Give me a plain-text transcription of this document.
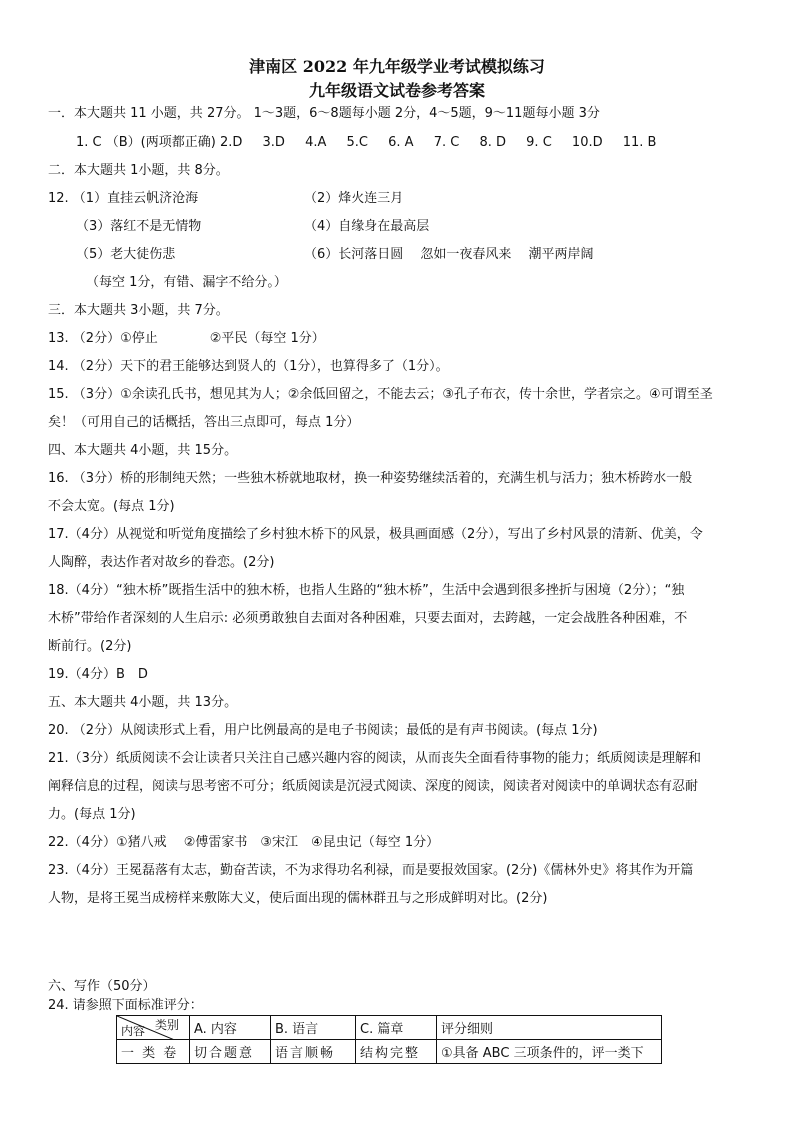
津南区 2022 年九年级学业考试模拟练习
九年级语文试卷参考答案
一．本大题共 11 小题，共 27分。 1～3题，6～8题每小题 2分，4～5题，9～11题每小题 3分
1. C （B）(两项都正确) 2.D 3.D 4.A 5.C 6. A 7. C 8. D 9. C 10.D 11. B
二．本大题共 1小题，共 8分。
12. （1）直挂云帆济沧海	（2）烽火连三月
（3）落红不是无情物	（4）自缘身在最高层
（5）老大徒伤悲	（6）长河落日圆　 忽如一夜春风来　 潮平两岸阔
（每空 1分，有错、漏字不给分。）
三．本大题共 3小题，共 7分。
13. （2分）①停止　　　　②平民（每空 1分）
14. （2分）天下的君王能够达到贤人的（1分），也算得多了（1分）。
15. （3分）①余读孔氏书，想见其为人；②余低回留之，不能去云；③孔子布衣，传十余世，学者宗之。④可谓至圣
矣！（可用自己的话概括，答出三点即可，每点 1分）
四、本大题共 4小题，共 15分。
16. （3分）桥的形制纯天然；一些独木桥就地取材，换一种姿势继续活着的，充满生机与活力；独木桥跨水一般
不会太宽。(每点 1分)
17.（4分）从视觉和听觉角度描绘了乡村独木桥下的风景，极具画面感（2分），写出了乡村风景的清新、优美，令
人陶醉，表达作者对故乡的眷恋。(2分)
18.（4分）“独木桥”既指生活中的独木桥，也指人生路的“独木桥”，生活中会遇到很多挫折与困境（2分）；“独
木桥”带给作者深刻的人生启示: 必须勇敢独自去面对各种困难，只要去面对，去跨越，一定会战胜各种困难，不
断前行。(2分)
19.（4分）B　D
五、本大题共 4小题，共 13分。
20. （2分）从阅读形式上看，用户比例最高的是电子书阅读；最低的是有声书阅读。(每点 1分)
21.（3分）纸质阅读不会让读者只关注自己感兴趣内容的阅读，从而丧失全面看待事物的能力；纸质阅读是理解和
阐释信息的过程，阅读与思考密不可分；纸质阅读是沉浸式阅读、深度的阅读，阅读者对阅读中的单调状态有忍耐
力。(每点 1分)
22.（4分）①猪八戒　 ②傅雷家书　③宋江　④昆虫记（每空 1分）
23.（4分）王冕磊落有太志，勤奋苦读，不为求得功名利禄，而是要报效国家。(2分)《儒林外史》将其作为开篇
人物，是将王冕当成榜样来敷陈大义，使后面出现的儒林群丑与之形成鲜明对比。(2分)
六、写作（50分）
24. 请参照下面标准评分：
类别
内容	A. 内容	B. 语言	C. 篇章	评分细则
一 类 卷	切合题意	语言顺畅	结构完整	①具备 ABC 三项条件的，评一类下
